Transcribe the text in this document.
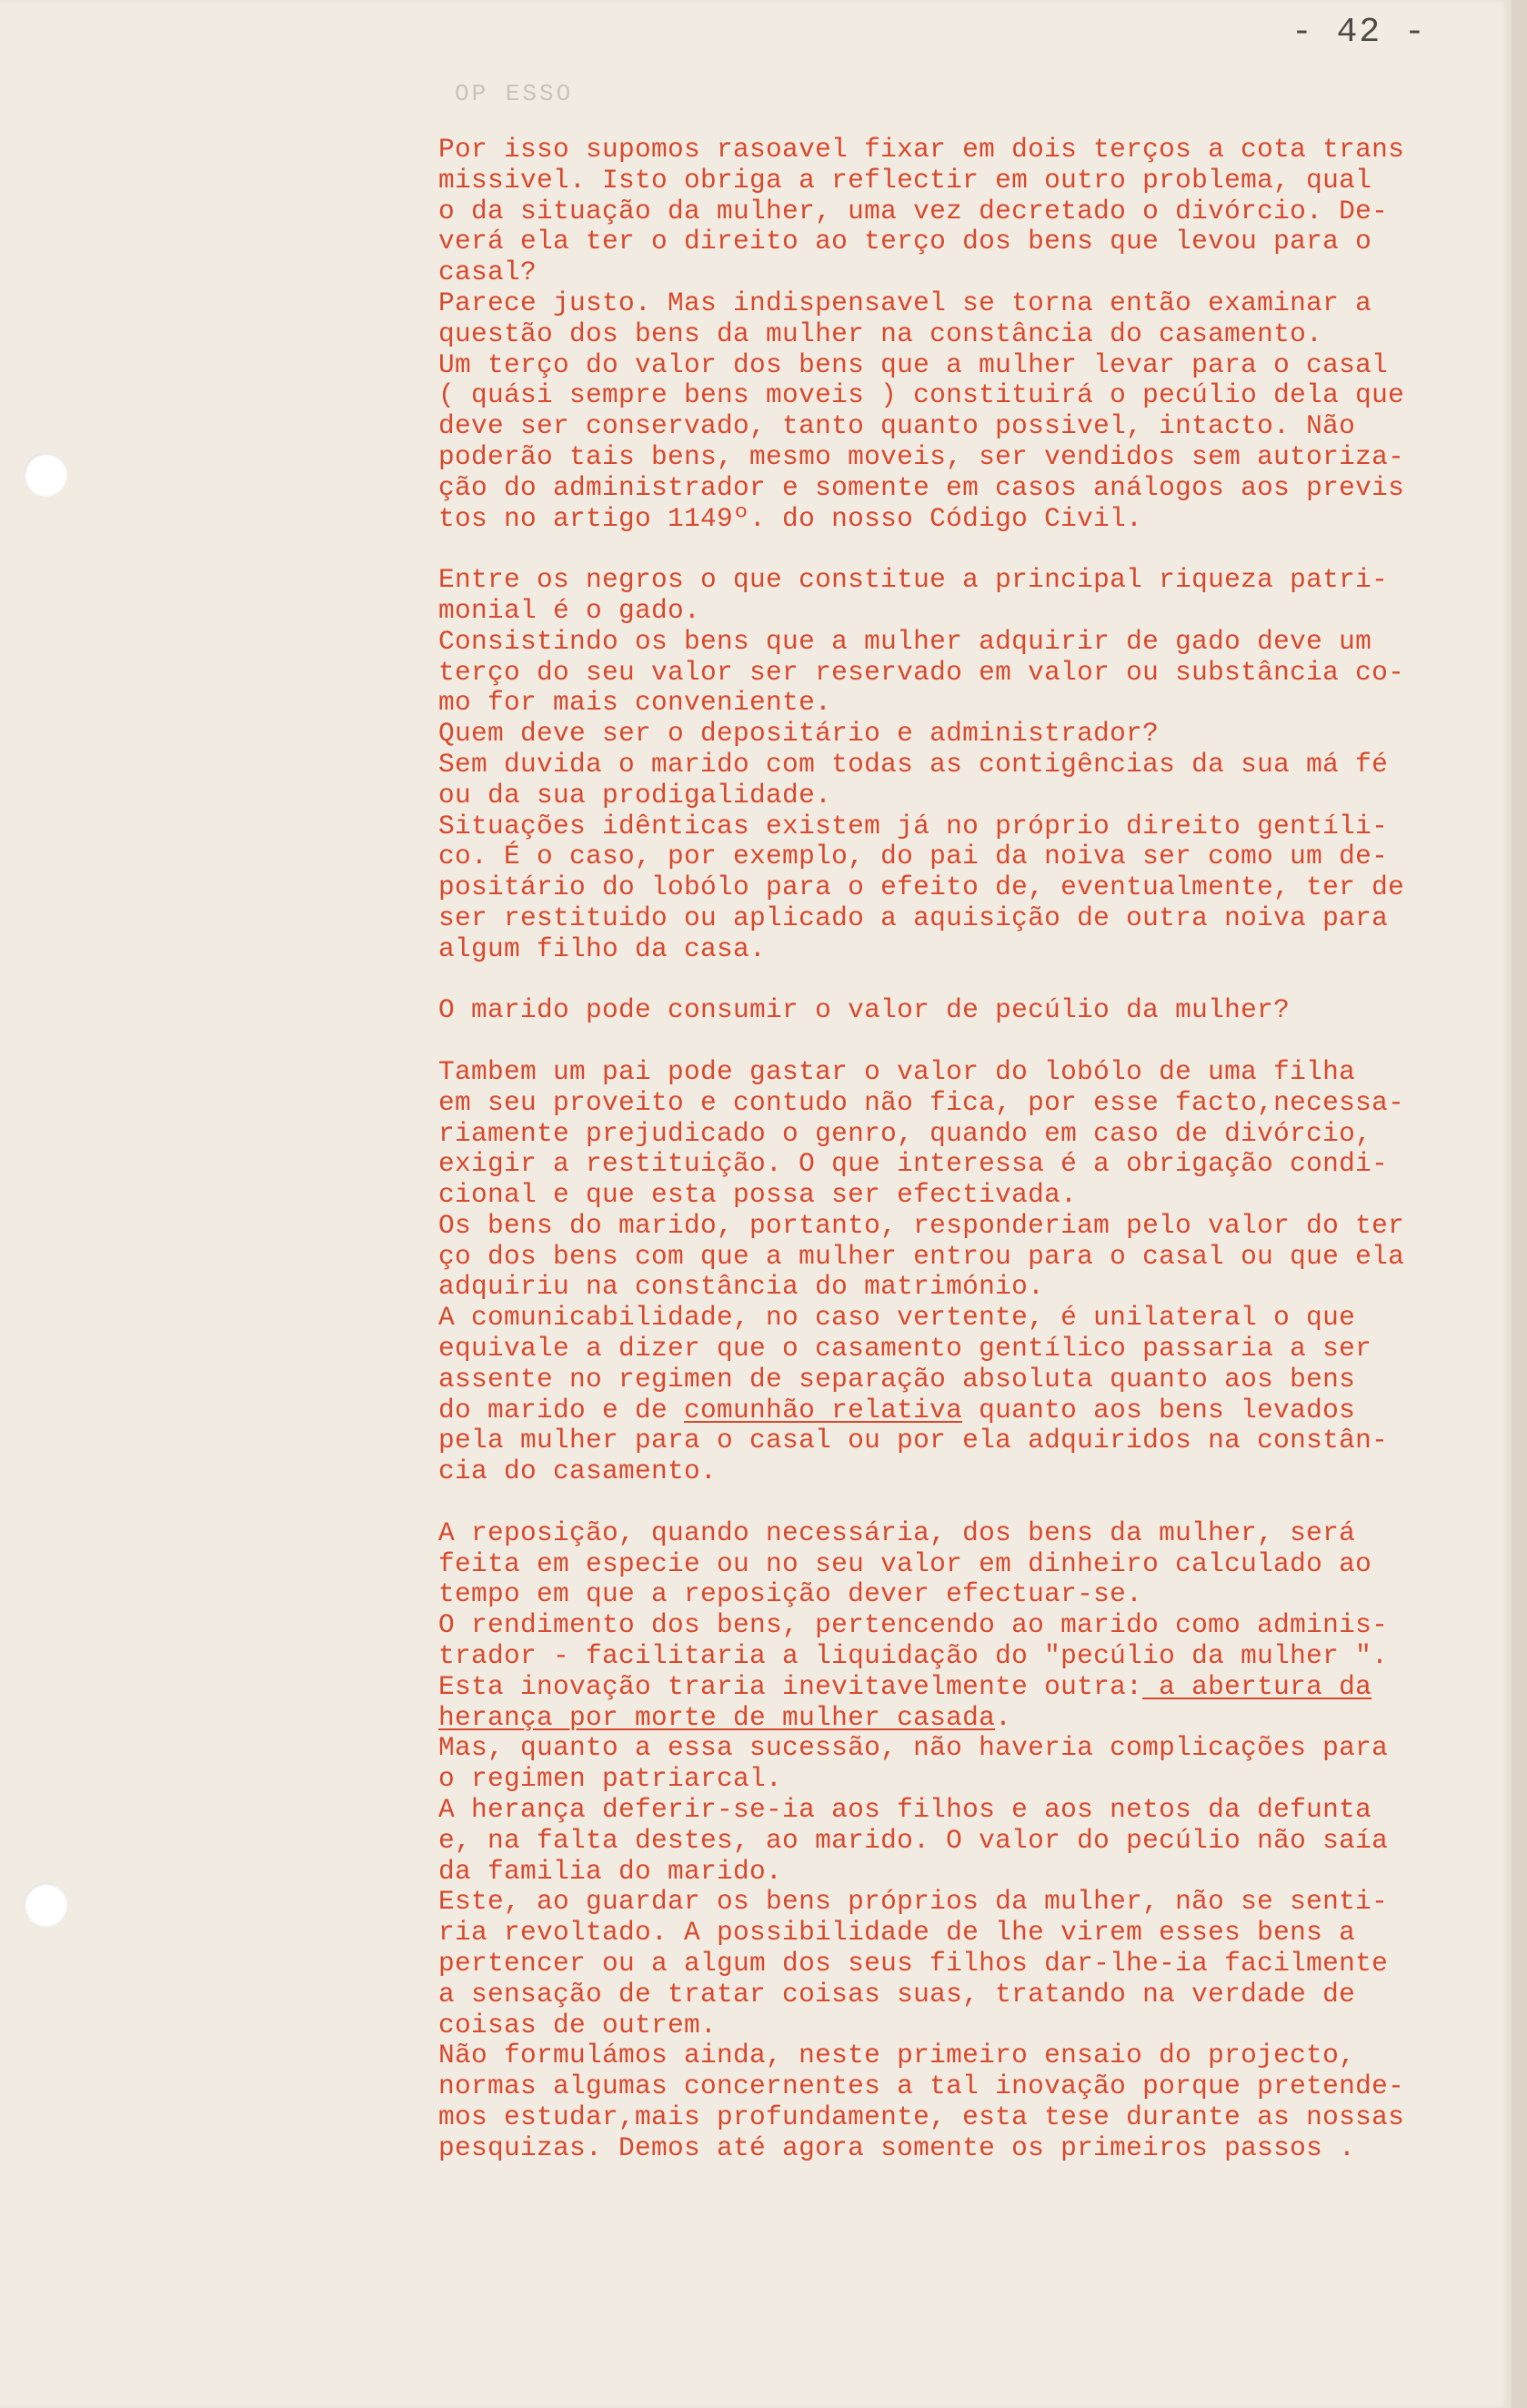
- 42 -

OP ESSO

Por isso supomos rasoavel fixar em dois terços a cota trans
missivel. Isto obriga a reflectir em outro problema, qual
o da situação da mulher, uma vez decretado o divórcio. De-
verá ela ter o direito ao terço dos bens que levou para o
casal?
Parece justo. Mas indispensavel se torna então examinar a
questão dos bens da mulher na constância do casamento.
Um terço do valor dos bens que a mulher levar para o casal
( quási sempre bens moveis ) constituirá o pecúlio dela que
deve ser conservado, tanto quanto possivel, intacto. Não
poderão tais bens, mesmo moveis, ser vendidos sem autoriza-
ção do administrador e somente em casos análogos aos previs
tos no artigo 1149º. do nosso Código Civil.
Entre os negros o que constitue a principal riqueza patri-
monial é o gado.
Consistindo os bens que a mulher adquirir de gado deve um
terço do seu valor ser reservado em valor ou substância co-
mo for mais conveniente.
Quem deve ser o depositário e administrador?
Sem duvida o marido com todas as contigências da sua má fé
ou da sua prodigalidade.
Situações idênticas existem já no próprio direito gentíli-
co. É o caso, por exemplo, do pai da noiva ser como um de-
positário do lobólo para o efeito de, eventualmente, ter de
ser restituido ou aplicado a aquisição de outra noiva para
algum filho da casa.
O marido pode consumir o valor de pecúlio da mulher?
Tambem um pai pode gastar o valor do lobólo de uma filha
em seu proveito e contudo não fica, por esse facto,necessa-
riamente prejudicado o genro, quando em caso de divórcio,
exigir a restituição. O que interessa é a obrigação condi-
cional e que esta possa ser efectivada.
Os bens do marido, portanto, responderiam pelo valor do ter
ço dos bens com que a mulher entrou para o casal ou que ela
adquiriu na constância do matrimónio.
A comunicabilidade, no caso vertente, é unilateral o que
equivale a dizer que o casamento gentílico passaria a ser
assente no regimen de separação absoluta quanto aos bens
do marido e de comunhão relativa quanto aos bens levados
pela mulher para o casal ou por ela adquiridos na constân-
cia do casamento.
A reposição, quando necessária, dos bens da mulher, será
feita em especie ou no seu valor em dinheiro calculado ao
tempo em que a reposição dever efectuar-se.
O rendimento dos bens, pertencendo ao marido como adminis-
trador - facilitaria a liquidação do "pecúlio da mulher ".
Esta inovação traria inevitavelmente outra: a abertura da
herança por morte de mulher casada.
Mas, quanto a essa sucessão, não haveria complicações para
o regimen patriarcal.
A herança deferir-se-ia aos filhos e aos netos da defunta
e, na falta destes, ao marido. O valor do pecúlio não saía
da familia do marido.
Este, ao guardar os bens próprios da mulher, não se senti-
ria revoltado. A possibilidade de lhe virem esses bens a
pertencer ou a algum dos seus filhos dar-lhe-ia facilmente
a sensação de tratar coisas suas, tratando na verdade de
coisas de outrem.
Não formulámos ainda, neste primeiro ensaio do projecto,
normas algumas concernentes a tal inovação porque pretende-
mos estudar,mais profundamente, esta tese durante as nossas
pesquizas. Demos até agora somente os primeiros passos .
